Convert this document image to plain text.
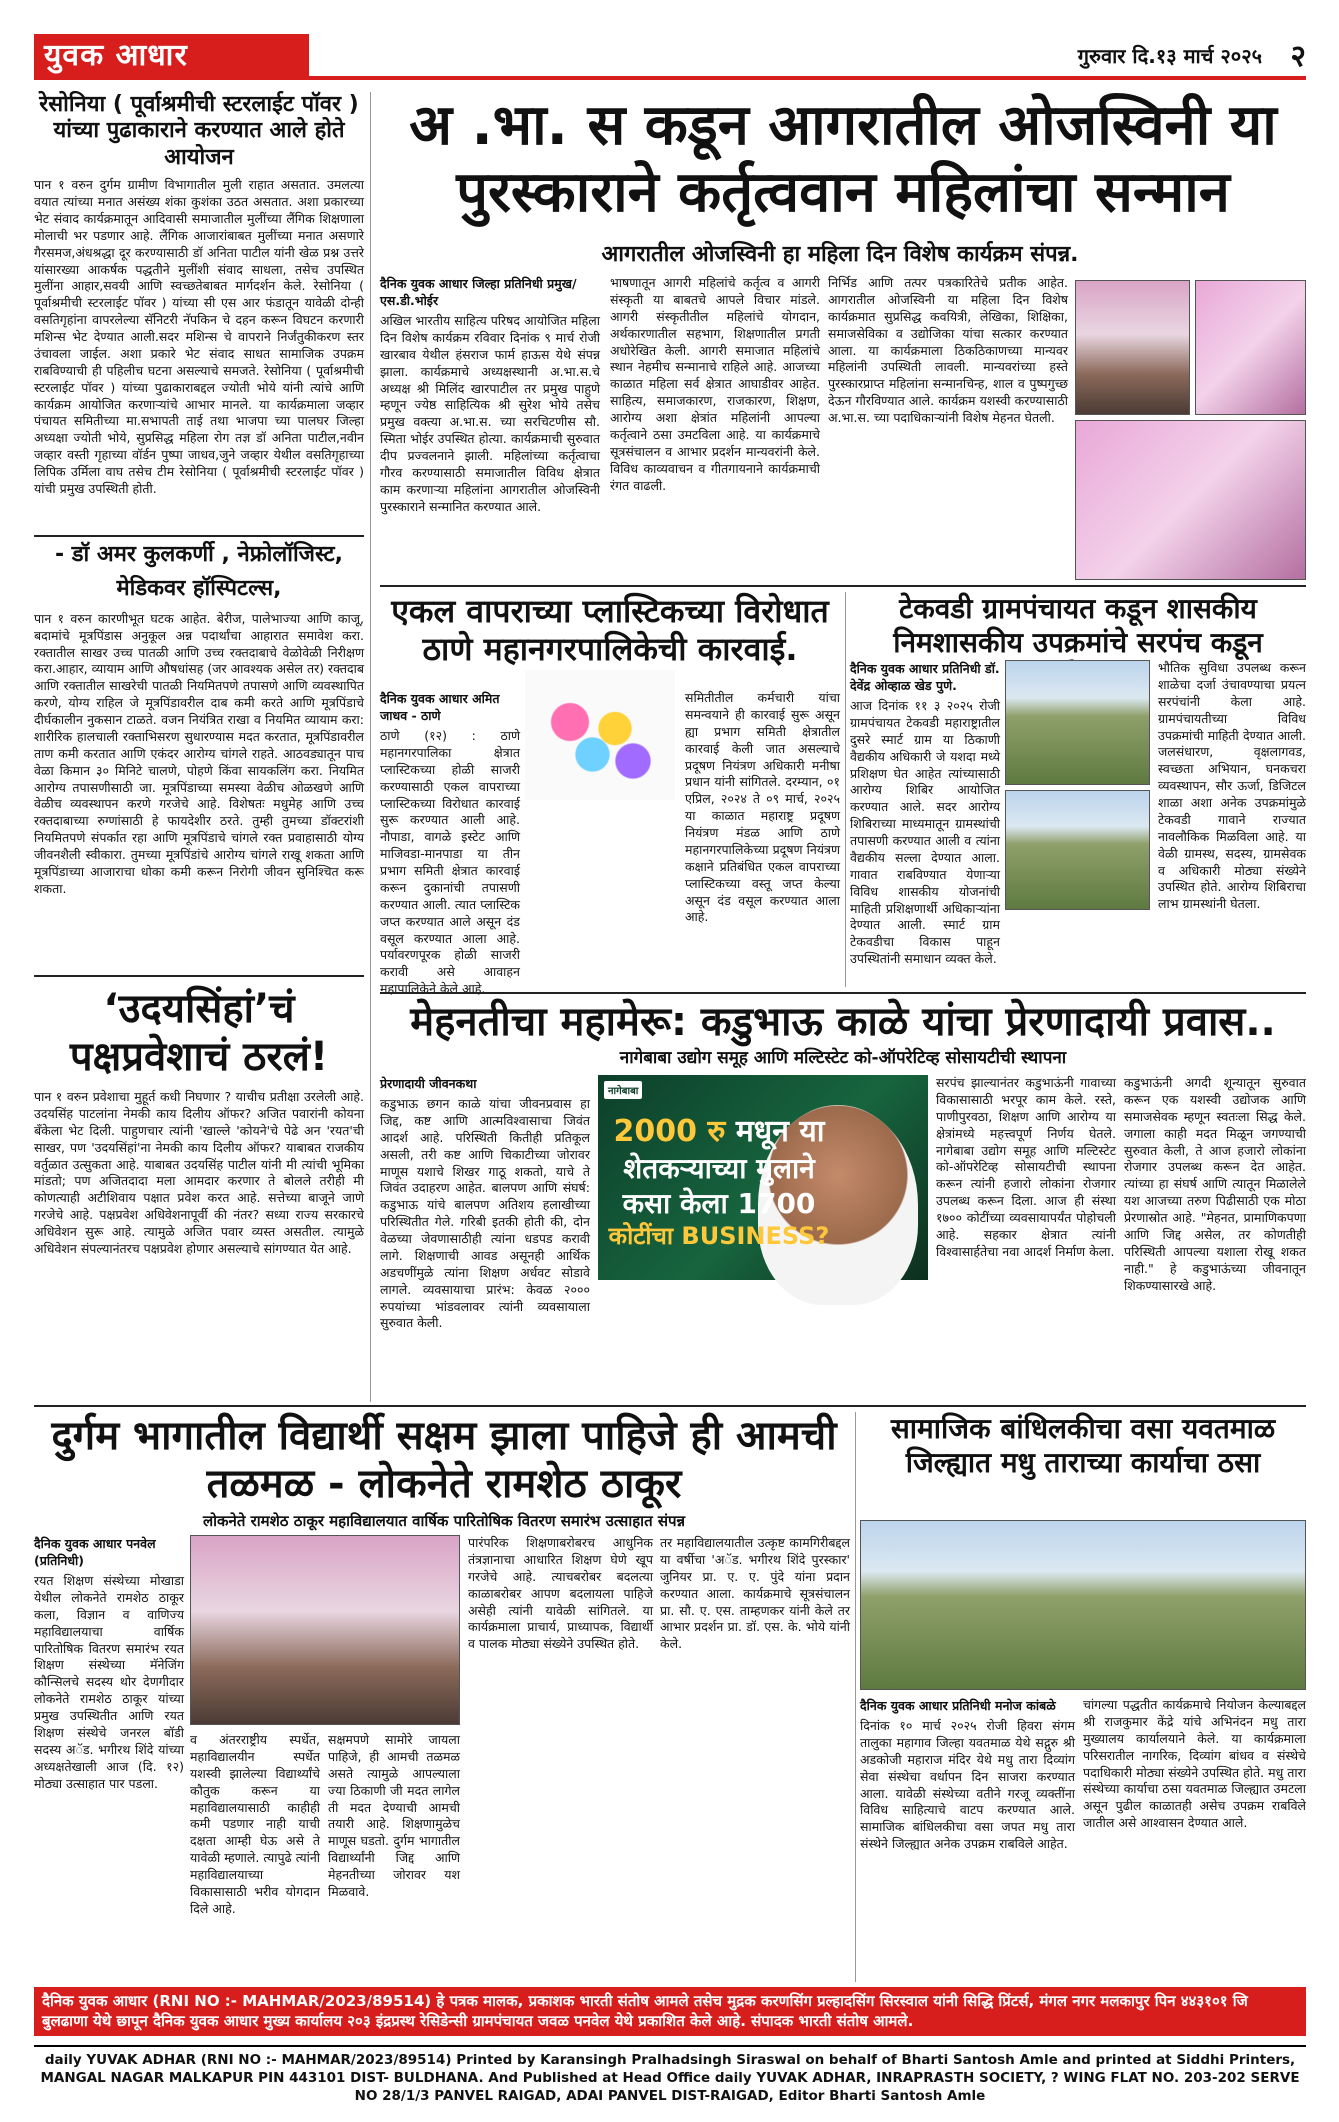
युवक आधार	गुरुवार दि.१३ मार्च २०२५ २
रेसोनिया ( पूर्वाश्रमीची स्टरलाईट पॉवर ) यांच्या पुढाकाराने करण्यात आले होते आयोजन
पान १ वरुन दुर्गम ग्रामीण विभागातील मुली राहात असतात. उमलत्या वयात त्यांच्या मनात असंख्य शंका कुशंका उठत असतात. अशा प्रकारच्या भेट संवाद कार्यक्रमातून आदिवासी समाजातील मुलींच्या लैंगिक शिक्षणाला मोलाची भर पडणार आहे. लैंगिक आजारांबाबत मुलींच्या मनात असणारे गैरसमज,अंधश्रद्धा दूर करण्यासाठी डॉ अनिता पाटील यांनी खेळ प्रश्न उत्तरे यांसारख्या आकर्षक पद्धतीने मुलींशी संवाद साधला, तसेच उपस्थित मुलींना आहार,सवयी आणि स्वच्छतेबाबत मार्गदर्शन केले. रेसोनिया ( पूर्वाश्रमीची स्टरलाईट पॉवर ) यांच्या सी एस आर फंडातून यावेळी दोन्ही वसतिगृहांना वापरलेल्या सॅनिटरी नॅपकिन चे दहन करून विघटन करणारी मशिन्स भेट देण्यात आली.सदर मशिन्स चे वापराने निर्जंतुकीकरण स्तर उंचावला जाईल. अशा प्रकारे भेट संवाद साधत सामाजिक उपक्रम राबविण्याची ही पहिलीच घटना असल्याचे समजते. रेसोनिया ( पूर्वाश्रमीची स्टरलाईट पॉवर ) यांच्या पुढाकाराबद्दल ज्योती भोये यांनी त्यांचे आणि कार्यक्रम आयोजित करणाऱ्यांचे आभार मानले. या कार्यक्रमाला जव्हार पंचायत समितीच्या मा.सभापती ताई तथा भाजपा च्या पालघर जिल्हा अध्यक्षा ज्योती भोये, सुप्रसिद्ध महिला रोग तज्ञ डॉ अनिता पाटील,नवीन जव्हार वस्ती गृहाच्या वॉर्डन पुष्पा जाधव,जुने जव्हार येथील वसतिगृहाच्या लिपिक उर्मिला वाघ तसेच टीम रेसोनिया ( पूर्वाश्रमीची स्टरलाईट पॉवर ) यांची प्रमुख उपस्थिती होती.
- डॉ अमर कुलकर्णी , नेफ्रोलॉजिस्ट,
मेडिकवर हॉस्पिटल्स,
पान १ वरुन कारणीभूत घटक आहेत. बेरीज, पालेभाज्या आणि काजू, बदामांचे मूत्रपिंडास अनुकूल अन्न पदार्थांचा आहारात समावेश करा. रक्तातील साखर उच्च पातळी आणि उच्च रक्तदाबाचे वेळोवेळी निरीक्षण करा.आहार, व्यायाम आणि औषधांसह (जर आवश्यक असेल तर) रक्तदाब आणि रक्तातील साखरेची पातळी नियमितपणे तपासणे आणि व्यवस्थापित करणे, योग्य राहिल जे मूत्रपिंडावरील दाब कमी करते आणि मूत्रपिंडाचे दीर्घकालीन नुकसान टाळते. वजन नियंत्रित राखा व नियमित व्यायाम करा: शारीरिक हालचाली रक्ताभिसरण सुधारण्यास मदत करतात, मूत्रपिंडावरील ताण कमी करतात आणि एकंदर आरोग्य चांगले राहते. आठवड्यातून पाच वेळा किमान ३० मिनिटे चालणे, पोहणे किंवा सायकलिंग करा. नियमित आरोग्य तपासणीसाठी जा. मूत्रपिंडाच्या समस्या वेळीच ओळखणे आणि वेळीच व्यवस्थापन करणे गरजेचे आहे. विशेषतः मधुमेह आणि उच्च रक्तदाबाच्या रुग्णांसाठी हे फायदेशीर ठरते. तुम्ही तुमच्या डॉक्टरांशी नियमितपणे संपर्कात रहा आणि मूत्रपिंडाचे चांगले रक्त प्रवाहासाठी योग्य जीवनशैली स्वीकारा. तुमच्या मूत्रपिंडांचे आरोग्य चांगले राखू शकता आणि मूत्रपिंडाच्या आजाराचा धोका कमी करून निरोगी जीवन सुनिश्चित करू शकता.
‘उदयसिंहां’चं पक्षप्रवेशाचं ठरलं!
पान १ वरुन प्रवेशाचा मुहूर्त कधी निघणार ? याचीच प्रतीक्षा उरलेली आहे. उदयसिंह पाटलांना नेमकी काय दिलीय ऑफर? अजित पवारांनी कोयना बँकेला भेट दिली. पाहुणचार त्यांनी 'खाल्ले 'कोयने'चे पेढे अन 'रयत'ची साखर, पण 'उदयसिंहां'ना नेमकी काय दिलीय ऑफर? याबाबत राजकीय वर्तुळात उत्सुकता आहे. याबाबत उदयसिंह पाटील यांनी मी त्यांची भूमिका मांडतो; पण अजितदादा मला आमदार करणार ते बोलले तरीही मी कोणत्याही अटीशिवाय पक्षात प्रवेश करत आहे. सत्तेच्या बाजूने जाणे गरजेचे आहे. पक्षप्रवेश अधिवेशनापूर्वी की नंतर? सध्या राज्य सरकारचे अधिवेशन सुरू आहे. त्यामुळे अजित पवार व्यस्त असतील. त्यामुळे अधिवेशन संपल्यानंतरच पक्षप्रवेश होणार असल्याचे सांगण्यात येत आहे.
अ .भा. स कडून आगरातील ओजस्विनी या पुरस्काराने कर्तृत्ववान महिलांचा सन्मान
आगरातील ओजस्विनी हा महिला दिन विशेष कार्यक्रम संपन्न.
दैनिक युवक आधार जिल्हा प्रतिनिधी प्रमुख/एस.डी.भोईर
अखिल भारतीय साहित्य परिषद आयोजित महिला दिन विशेष कार्यक्रम रविवार दिनांक ९ मार्च रोजी खारबाव येथील हंसराज फार्म हाऊस येथे संपन्न झाला. कार्यक्रमाचे अध्यक्षस्थानी अ.भा.स.चे अध्यक्ष श्री मिलिंद खारपाटील तर प्रमुख पाहुणे म्हणून ज्येष्ठ साहित्यिक श्री सुरेश भोये तसेच प्रमुख वक्त्या अ.भा.स. च्या सरचिटणीस सौ. स्मिता भोईर उपस्थित होत्या. कार्यक्रमाची सुरुवात दीप प्रज्वलनाने झाली. महिलांच्या कर्तृत्वाचा गौरव करण्यासाठी समाजातील विविध क्षेत्रात काम करणाऱ्या महिलांना आगरातील ओजस्विनी पुरस्काराने सन्मानित करण्यात आले.
भाषणातून आगरी महिलांचे कर्तृत्व व आगरी संस्कृती या बाबतचे आपले विचार मांडले. आगरी संस्कृतीतील महिलांचे योगदान, अर्थकारणातील सहभाग, शिक्षणातील प्रगती अधोरेखित केली. आगरी समाजात महिलांचे स्थान नेहमीच सन्मानाचे राहिले आहे. आजच्या काळात महिला सर्व क्षेत्रात आघाडीवर आहेत. साहित्य, समाजकारण, राजकारण, शिक्षण, आरोग्य अशा क्षेत्रांत महिलांनी आपल्या कर्तृत्वाने ठसा उमटविला आहे. या कार्यक्रमाचे सूत्रसंचालन व आभार प्रदर्शन मान्यवरांनी केले. विविध काव्यवाचन व गीतगायनाने कार्यक्रमाची रंगत वाढली.
निर्भिड आणि तत्पर पत्रकारितेचे प्रतीक आहेत. आगरातील ओजस्विनी या महिला दिन विशेष कार्यक्रमात सुप्रसिद्ध कवयित्री, लेखिका, शिक्षिका, समाजसेविका व उद्योजिका यांचा सत्कार करण्यात आला. या कार्यक्रमाला ठिकठिकाणच्या मान्यवर महिलांनी उपस्थिती लावली. मान्यवरांच्या हस्ते पुरस्कारप्राप्त महिलांना सन्मानचिन्ह, शाल व पुष्पगुच्छ देऊन गौरविण्यात आले. कार्यक्रम यशस्वी करण्यासाठी अ.भा.स. च्या पदाधिकाऱ्यांनी विशेष मेहनत घेतली.
एकल वापराच्या प्लास्टिकच्या विरोधात ठाणे महानगरपालिकेची कारवाई.
दैनिक युवक आधार अमित जाधव - ठाणे
ठाणे (१२) : ठाणे महानगरपालिका क्षेत्रात प्लास्टिकच्या होळी साजरी करण्यासाठी एकल वापराच्या प्लास्टिकच्या विरोधात कारवाई सुरू करण्यात आली आहे. नौपाडा, वागळे इस्टेट आणि माजिवडा-मानपाडा या तीन प्रभाग समिती क्षेत्रात कारवाई करून दुकानांची तपासणी करण्यात आली. त्यात प्लास्टिक जप्त करण्यात आले असून दंड वसूल करण्यात आला आहे. पर्यावरणपूरक होळी साजरी करावी असे आवाहन महापालिकेने केले आहे.
समितीतील कर्मचारी यांचा समन्वयाने ही कारवाई सुरू असून ह्या प्रभाग समिती क्षेत्रातील कारवाई केली जात असल्याचे प्रदूषण नियंत्रण अधिकारी मनीषा प्रधान यांनी सांगितले. दरम्यान, ०१ एप्रिल, २०२४ ते ०९ मार्च, २०२५ या काळात महाराष्ट्र प्रदूषण नियंत्रण मंडळ आणि ठाणे महानगरपालिकेच्या प्रदूषण नियंत्रण कक्षाने प्रतिबंधित एकल वापराच्या प्लास्टिकच्या वस्तू जप्त केल्या असून दंड वसूल करण्यात आला आहे.
टेकवडी ग्रामपंचायत कडून शासकीय निमशासकीय उपक्रमांचे सरपंच कडून
दैनिक युवक आधार प्रतिनिधी डॉ. देवेंद्र ओव्हाळ खेड पुणे.
आज दिनांक ११ ३ २०२५ रोजी ग्रामपंचायत टेकवडी महाराष्ट्रातील दुसरे स्मार्ट ग्राम या ठिकाणी वैद्यकीय अधिकारी जे यशदा मध्ये प्रशिक्षण घेत आहेत त्यांच्यासाठी आरोग्य शिबिर आयोजित करण्यात आले. सदर आरोग्य शिबिराच्या माध्यमातून ग्रामस्थांची तपासणी करण्यात आली व त्यांना वैद्यकीय सल्ला देण्यात आला. गावात राबविण्यात येणाऱ्या विविध शासकीय योजनांची माहिती प्रशिक्षणार्थी अधिकाऱ्यांना देण्यात आली. स्मार्ट ग्राम टेकवडीचा विकास पाहून उपस्थितांनी समाधान व्यक्त केले.
भौतिक सुविधा उपलब्ध करून शाळेचा दर्जा उंचावण्याचा प्रयत्न सरपंचांनी केला आहे. ग्रामपंचायतीच्या विविध उपक्रमांची माहिती देण्यात आली. जलसंधारण, वृक्षलागवड, स्वच्छता अभियान, घनकचरा व्यवस्थापन, सौर ऊर्जा, डिजिटल शाळा अशा अनेक उपक्रमांमुळे टेकवडी गावाने राज्यात नावलौकिक मिळविला आहे. या वेळी ग्रामस्थ, सदस्य, ग्रामसेवक व अधिकारी मोठ्या संख्येने उपस्थित होते. आरोग्य शिबिराचा लाभ ग्रामस्थांनी घेतला.
मेहनतीचा महामेरू: कडुभाऊ काळे यांचा प्रेरणादायी प्रवास..
नागेबाबा उद्योग समूह आणि मल्टिस्टेट को-ऑपरेटिव्ह सोसायटीची स्थापना
प्रेरणादायी जीवनकथा
कडुभाऊ छगन काळे यांचा जीवनप्रवास हा जिद्द, कष्ट आणि आत्मविश्वासाचा जिवंत आदर्श आहे. परिस्थिती कितीही प्रतिकूल असली, तरी कष्ट आणि चिकाटीच्या जोरावर माणूस यशाचे शिखर गाठू शकतो, याचे ते जिवंत उदाहरण आहेत. बालपण आणि संघर्ष: कडुभाऊ यांचे बालपण अतिशय हलाखीच्या परिस्थितीत गेले. गरिबी इतकी होती की, दोन वेळच्या जेवणासाठीही त्यांना धडपड करावी लागे. शिक्षणाची आवड असूनही आर्थिक अडचणींमुळे त्यांना शिक्षण अर्धवट सोडावे लागले. व्यवसायाचा प्रारंभ: केवळ २००० रुपयांच्या भांडवलावर त्यांनी व्यवसायाला सुरुवात केली.
नागेबाबा
2000 रु मधून या
शेतकऱ्याच्या मुलाने
कसा केला 1700
कोटींचा BUSINESS?
सरपंच झाल्यानंतर कडुभाऊंनी गावाच्या विकासासाठी भरपूर काम केले. रस्ते, पाणीपुरवठा, शिक्षण आणि आरोग्य या क्षेत्रांमध्ये महत्त्वपूर्ण निर्णय घेतले. नागेबाबा उद्योग समूह आणि मल्टिस्टेट को-ऑपरेटिव्ह सोसायटीची स्थापना करून त्यांनी हजारो लोकांना रोजगार उपलब्ध करून दिला. आज ही संस्था १७०० कोटींच्या व्यवसायापर्यंत पोहोचली आहे. सहकार क्षेत्रात त्यांनी विश्वासार्हतेचा नवा आदर्श निर्माण केला.
कडुभाऊंनी अगदी शून्यातून सुरुवात करून एक यशस्वी उद्योजक आणि समाजसेवक म्हणून स्वतःला सिद्ध केले. जगाला काही मदत मिळून जगण्याची सुरुवात केली, ते आज हजारो लोकांना रोजगार उपलब्ध करून देत आहेत. त्यांच्या हा संघर्ष आणि त्यातून मिळालेले यश आजच्या तरुण पिढीसाठी एक मोठा प्रेरणास्रोत आहे. "मेहनत, प्रामाणिकपणा आणि जिद्द असेल, तर कोणतीही परिस्थिती आपल्या यशाला रोखू शकत नाही." हे कडुभाऊंच्या जीवनातून शिकण्यासारखे आहे.
दुर्गम भागातील विद्यार्थी सक्षम झाला पाहिजे ही आमची तळमळ - लोकनेते रामशेठ ठाकूर
लोकनेते रामशेठ ठाकूर महाविद्यालयात वार्षिक पारितोषिक वितरण समारंभ उत्साहात संपन्न
दैनिक युवक आधार पनवेल (प्रतिनिधी)
रयत शिक्षण संस्थेच्या मोखाडा येथील लोकनेते रामशेठ ठाकूर कला, विज्ञान व वाणिज्य महाविद्यालयाचा वार्षिक पारितोषिक वितरण समारंभ रयत शिक्षण संस्थेच्या मॅनेजिंग कौन्सिलचे सदस्य थोर देणगीदार लोकनेते रामशेठ ठाकूर यांच्या प्रमुख उपस्थितीत आणि रयत शिक्षण संस्थेचे जनरल बॉडी सदस्य अॅड. भगीरथ शिंदे यांच्या अध्यक्षतेखाली आज (दि. १२) मोठ्या उत्साहात पार पडला.
व अंतरराष्ट्रीय स्पर्धेत, महाविद्यालयीन स्पर्धेत यशस्वी झालेल्या विद्यार्थ्यांचे कौतुक करून या महाविद्यालयासाठी काहीही कमी पडणार नाही याची दक्षता आम्ही घेऊ असे ते यावेळी म्हणाले. त्यापुढे त्यांनी महाविद्यालयाच्या विकासासाठी भरीव योगदान दिले आहे.
सक्षमपणे सामोरे जायला पाहिजे, ही आमची तळमळ असते त्यामुळे आपल्याला ज्या ठिकाणी जी मदत लागेल ती मदत देण्याची आमची तयारी आहे. शिक्षणामुळेच माणूस घडतो. दुर्गम भागातील विद्यार्थ्यांनी जिद्द आणि मेहनतीच्या जोरावर यश मिळवावे.
पारंपरिक शिक्षणाबरोबरच आधुनिक तंत्रज्ञानाचा आधारित शिक्षण घेणे खूप गरजेचे आहे. त्याचबरोबर बदलत्या काळाबरोबर आपण बदलायला पाहिजे असेही त्यांनी यावेळी सांगितले. या कार्यक्रमाला प्राचार्य, प्राध्यापक, विद्यार्थी व पालक मोठ्या संख्येने उपस्थित होते.
तर महाविद्यालयातील उत्कृष्ट कामगिरीबद्दल या वर्षीचा 'अॅड. भगीरथ शिंदे पुरस्कार' जुनियर प्रा. ए. ए. पुंदे यांना प्रदान करण्यात आला. कार्यक्रमाचे सूत्रसंचालन प्रा. सौ. ए. एस. ताम्हणकर यांनी केले तर आभार प्रदर्शन प्रा. डॉ. एस. के. भोये यांनी केले.
सामाजिक बांधिलकीचा वसा यवतमाळ जिल्ह्यात मधु ताराच्या कार्याचा ठसा
दैनिक युवक आधार प्रतिनिधी मनोज कांबळे
दिनांक १० मार्च २०२५ रोजी हिवरा संगम तालुका महागाव जिल्हा यवतमाळ येथे सद्गुरु श्री अडकोजी महाराज मंदिर येथे मधु तारा दिव्यांग सेवा संस्थेचा वर्धापन दिन साजरा करण्यात आला. यावेळी संस्थेच्या वतीने गरजू व्यक्तींना विविध साहित्याचे वाटप करण्यात आले. सामाजिक बांधिलकीचा वसा जपत मधु तारा संस्थेने जिल्ह्यात अनेक उपक्रम राबविले आहेत.
चांगल्या पद्धतीत कार्यक्रमाचे नियोजन केल्याबद्दल श्री राजकुमार केंद्रे यांचे अभिनंदन मधु तारा मुख्यालय कार्यालयाने केले. या कार्यक्रमाला परिसरातील नागरिक, दिव्यांग बांधव व संस्थेचे पदाधिकारी मोठ्या संख्येने उपस्थित होते. मधु तारा संस्थेच्या कार्याचा ठसा यवतमाळ जिल्ह्यात उमटला असून पुढील काळातही असेच उपक्रम राबविले जातील असे आश्वासन देण्यात आले.
दैनिक युवक आधार (RNI NO :- MAHMAR/2023/89514) हे पत्रक मालक, प्रकाशक भारती संतोष आमले तसेच मुद्रक करणसिंग प्रल्हादसिंग सिरस्वाल यांनी सिद्धि प्रिंटर्स, मंगल नगर मलकापुर पिन ४४३१०१ जि बुलढाणा येथे छापून दैनिक युवक आधार मुख्य कार्यालय २०३ इंद्रप्रस्थ रेसिडेन्सी ग्रामपंचायत जवळ पनवेल येथे प्रकाशित केले आहे. संपादक भारती संतोष आमले.
daily YUVAK ADHAR (RNI NO :- MAHMAR/2023/89514) Printed by Karansingh Pralhadsingh Siraswal on behalf of Bharti Santosh Amle and printed at Siddhi Printers, MANGAL NAGAR MALKAPUR PIN 443101 DIST- BULDHANA. And Published at Head Office daily YUVAK ADHAR, INRAPRASTH SOCIETY, ? WING FLAT NO. 203-202 SERVE NO 28/1/3 PANVEL RAIGAD, ADAI PANVEL DIST-RAIGAD, Editor Bharti Santosh Amle
